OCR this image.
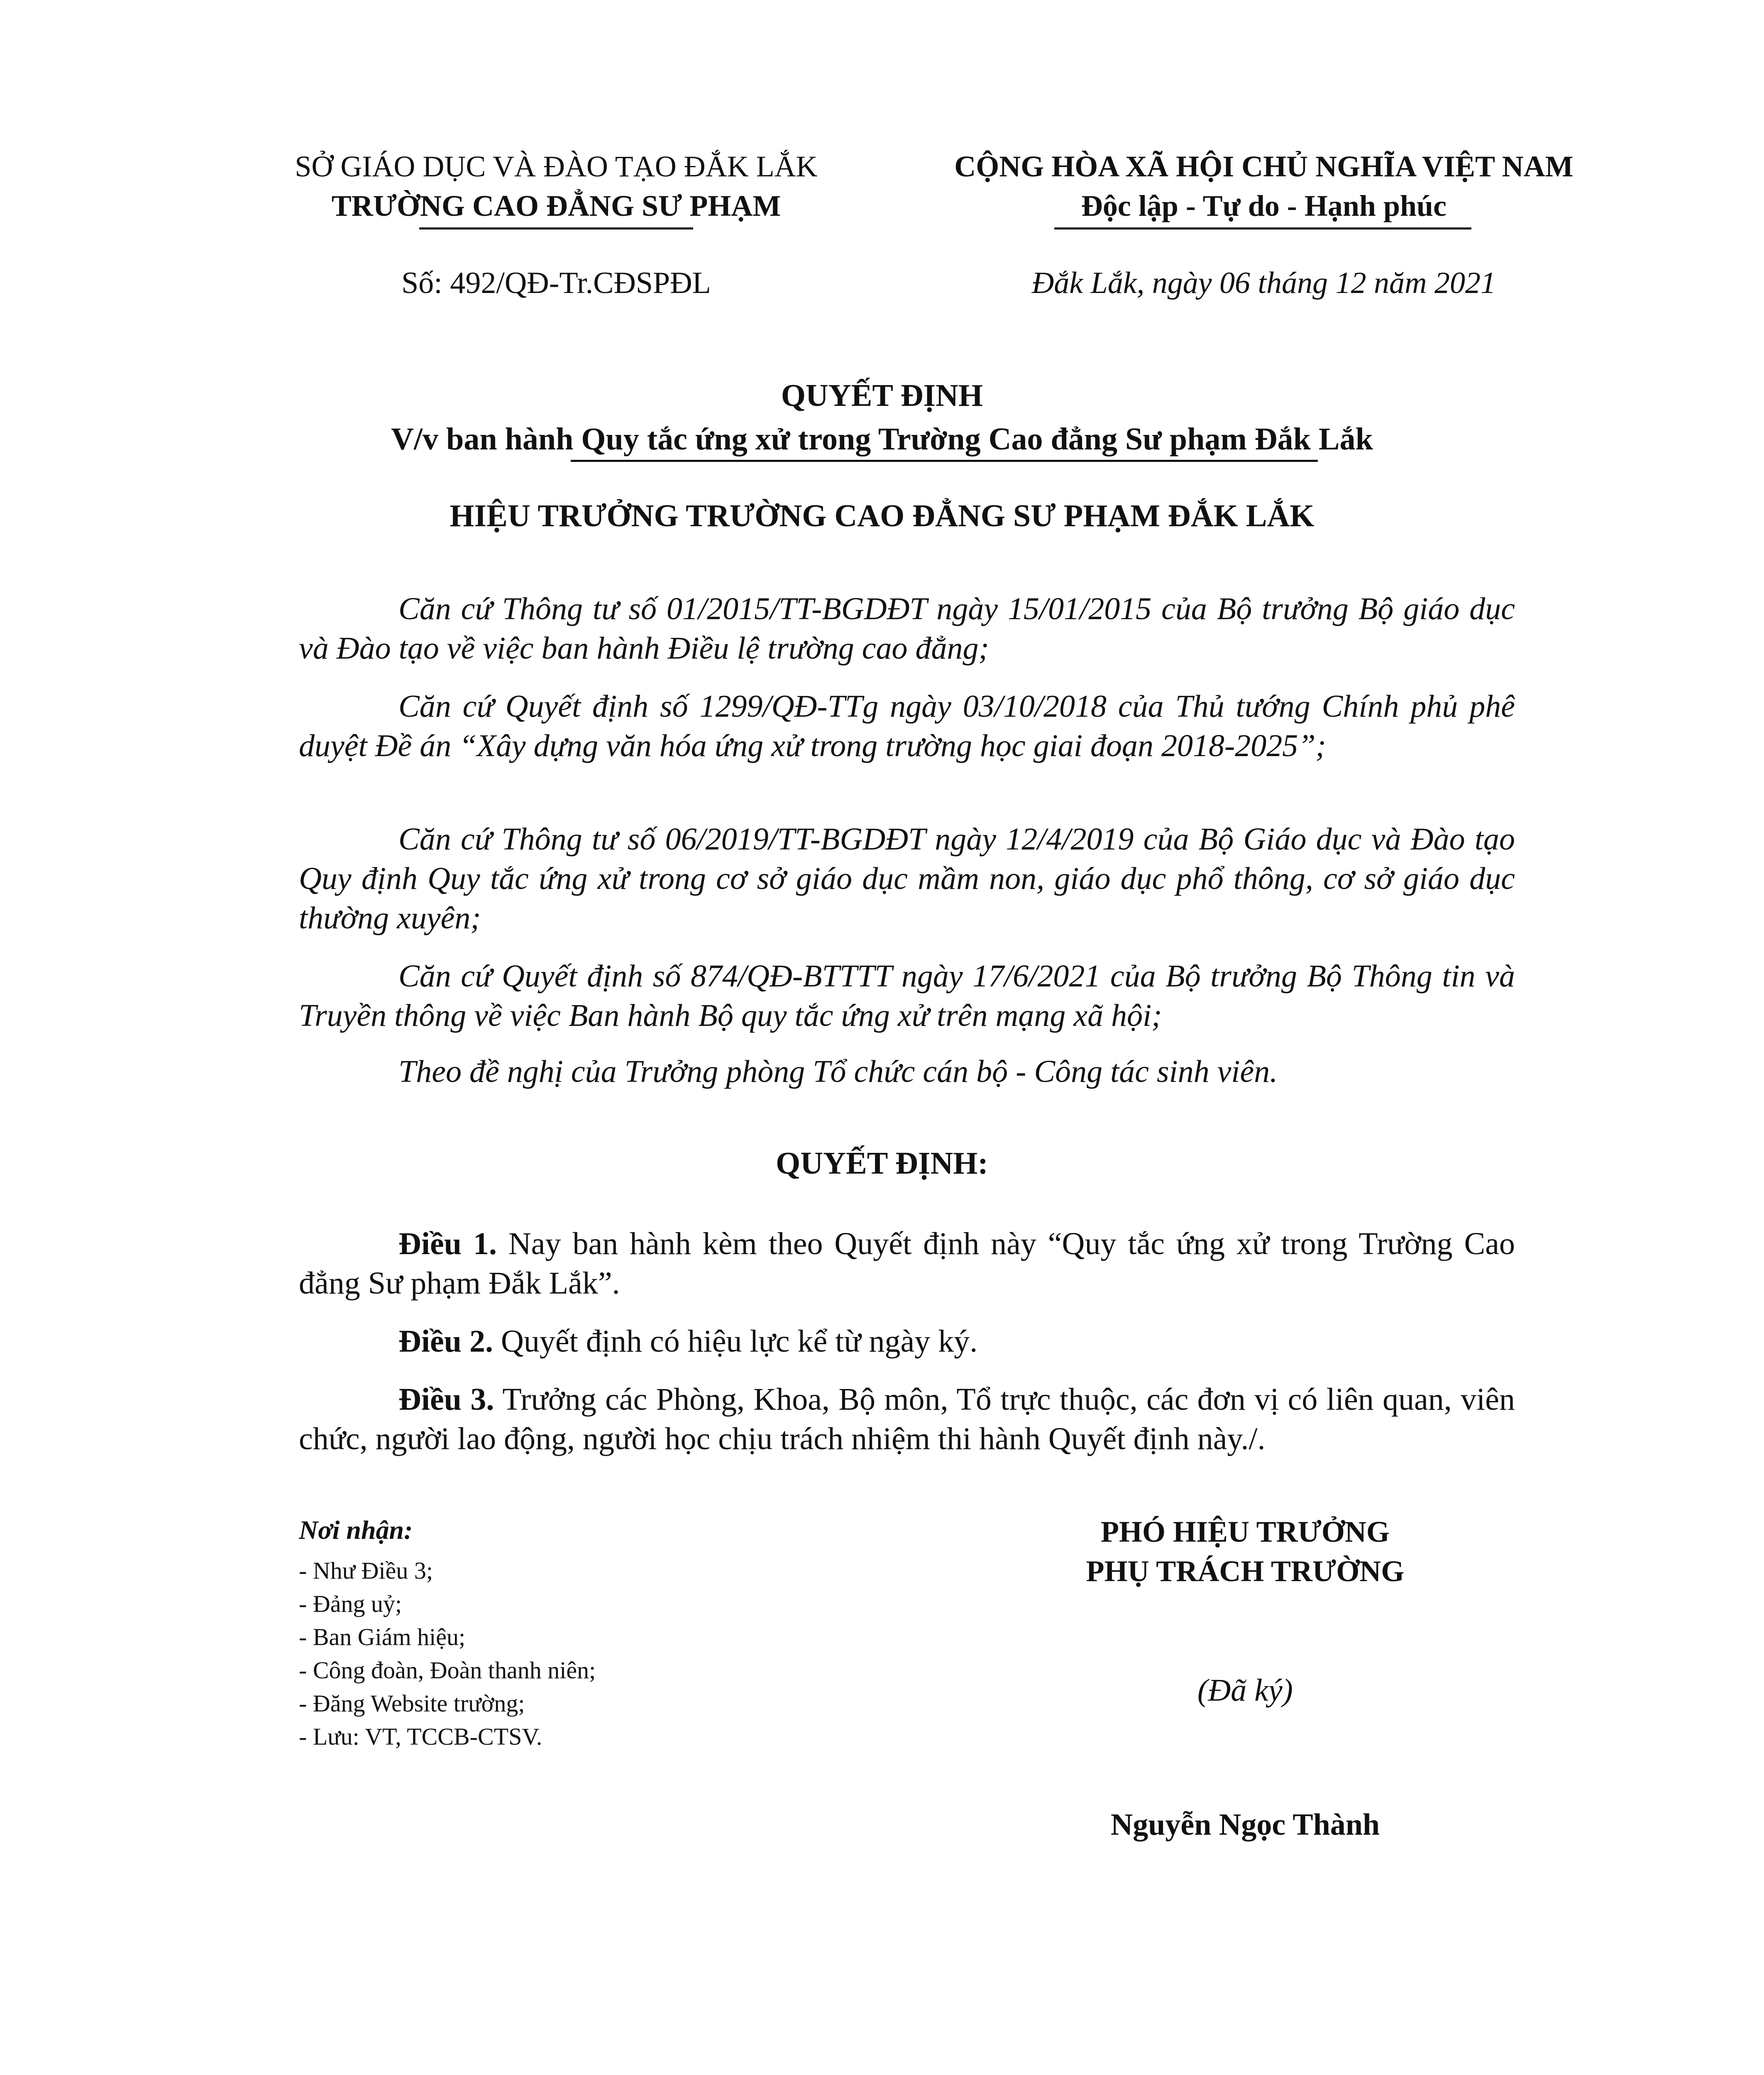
SỞ GIÁO DỤC VÀ ĐÀO TẠO ĐẮK LẮK
TRƯỜNG CAO ĐẲNG SƯ PHẠM
CỘNG HÒA XÃ HỘI CHỦ NGHĨA VIỆT NAM
Độc lập - Tự do - Hạnh phúc
Số: 492/QĐ-Tr.CĐSPĐL	Đắk Lắk, ngày 06 tháng 12 năm 2021
QUYẾT ĐỊNH
V/v ban hành Quy tắc ứng xử trong Trường Cao đẳng Sư phạm Đắk Lắk
HIỆU TRƯỞNG TRƯỜNG CAO ĐẲNG SƯ PHẠM ĐẮK LẮK

Căn cứ Thông tư số 01/2015/TT-BGDĐT ngày 15/01/2015 của Bộ trưởng Bộ giáo dục và Đào tạo về việc ban hành Điều lệ trường cao đẳng;

Căn cứ Quyết định số 1299/QĐ-TTg ngày 03/10/2018 của Thủ tướng Chính phủ phê duyệt Đề án “Xây dựng văn hóa ứng xử trong trường học giai đoạn 2018-2025”;

Căn cứ Thông tư số 06/2019/TT-BGDĐT ngày 12/4/2019 của Bộ Giáo dục và Đào tạo Quy định Quy tắc ứng xử trong cơ sở giáo dục mầm non, giáo dục phổ thông, cơ sở giáo dục thường xuyên;

Căn cứ Quyết định số 874/QĐ-BTTTT ngày 17/6/2021 của Bộ trưởng Bộ Thông tin và Truyền thông về việc Ban hành Bộ quy tắc ứng xử trên mạng xã hội;

Theo đề nghị của Trưởng phòng Tổ chức cán bộ - Công tác sinh viên.

QUYẾT ĐỊNH:

Điều 1. Nay ban hành kèm theo Quyết định này “Quy tắc ứng xử trong Trường Cao đẳng Sư phạm Đắk Lắk”.

Điều 2. Quyết định có hiệu lực kể từ ngày ký.

Điều 3. Trưởng các Phòng, Khoa, Bộ môn, Tổ trực thuộc, các đơn vị có liên quan, viên chức, người lao động, người học chịu trách nhiệm thi hành Quyết định này./.

Nơi nhận:
- Như Điều 3;
- Đảng uỷ;
- Ban Giám hiệu;
- Công đoàn, Đoàn thanh niên;
- Đăng Website trường;
- Lưu: VT, TCCB-CTSV.
PHÓ HIỆU TRƯỞNG
PHỤ TRÁCH TRƯỜNG
(Đã ký)
Nguyễn Ngọc Thành
